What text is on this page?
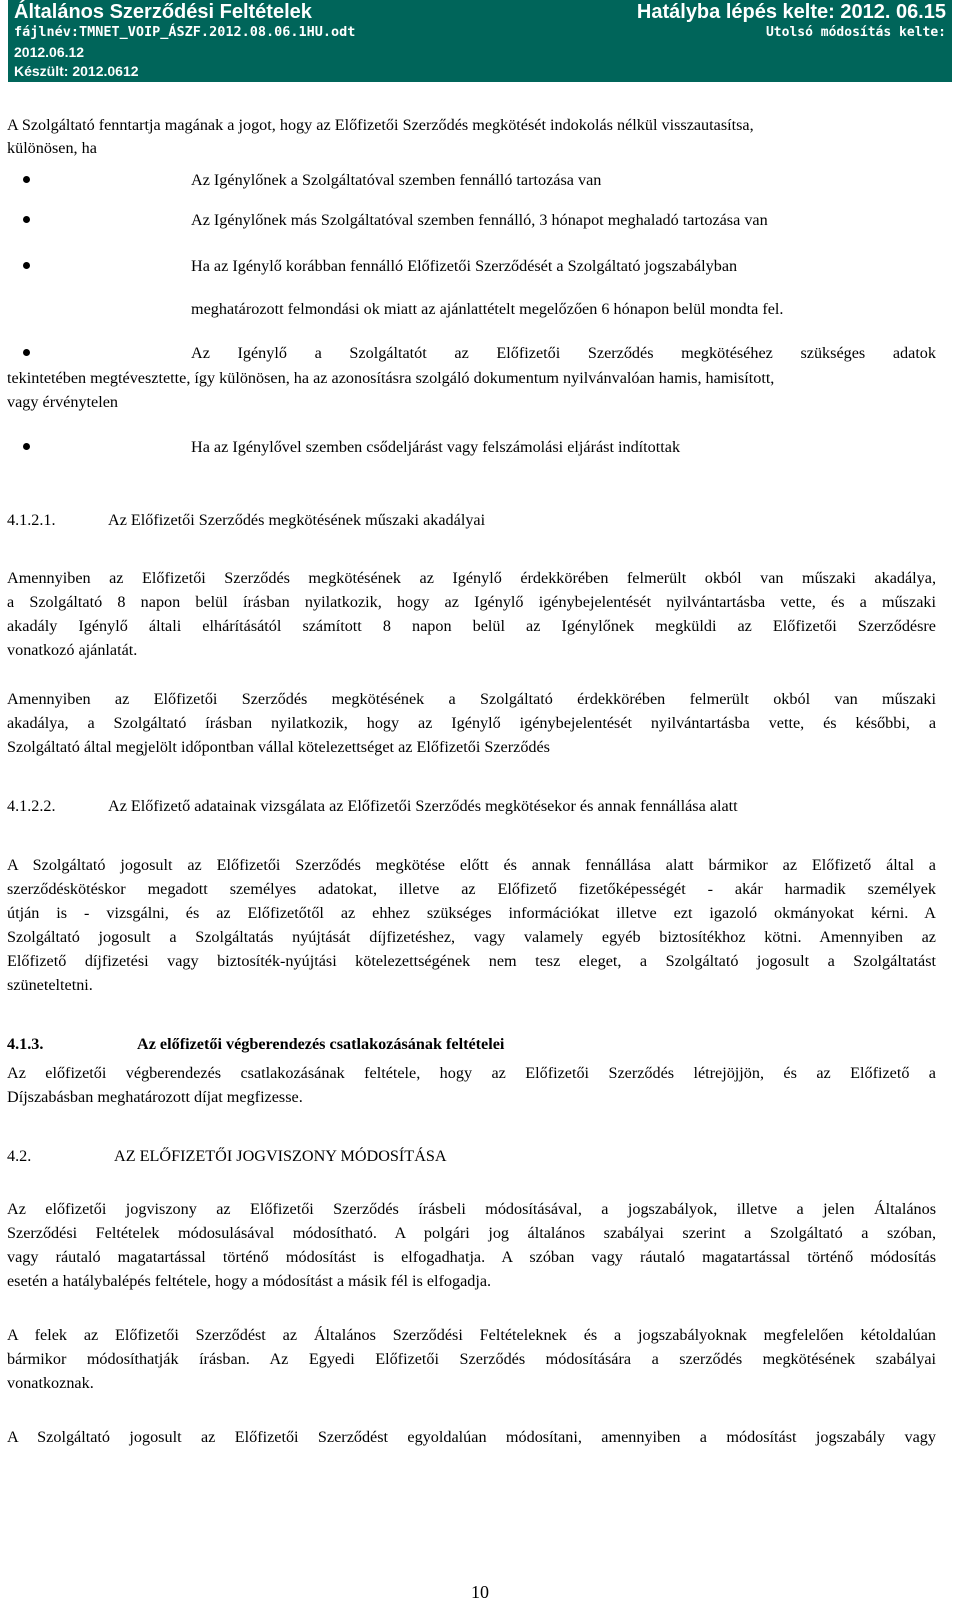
Általános Szerződési Feltételek	Hatályba lépés kelte: 2012. 06.15
fájlnév:TMNET_VOIP_ÁSZF.2012.08.06.1HU.odt	Utolsó módosítás kelte:
2012.06.12
Készült: 2012.0612
A Szolgáltató fenntartja magának a jogot, hogy az Előfizetői Szerződés megkötését indokolás nélkül visszautasítsa,
különösen, ha
Az Igénylőnek a Szolgáltatóval szemben fennálló tartozása van
Az Igénylőnek más Szolgáltatóval szemben fennálló, 3 hónapot meghaladó tartozása van
Ha az Igénylő korábban fennálló Előfizetői Szerződését a Szolgáltató jogszabályban
meghatározott felmondási ok miatt az ajánlattételt megelőzően 6 hónapon belül mondta fel.
Az Igénylő a Szolgáltatót az Előfizetői Szerződés megkötéséhez szükséges adatok
tekintetében megtévesztette, így különösen, ha az azonosításra szolgáló dokumentum nyilvánvalóan hamis, hamisított,
vagy érvénytelen
Ha az Igénylővel szemben csődeljárást vagy felszámolási eljárást indítottak
4.1.2.1.	Az Előfizetői Szerződés megkötésének műszaki akadályai
Amennyiben az Előfizetői Szerződés megkötésének az Igénylő érdekkörében felmerült okból van műszaki akadálya,
a Szolgáltató 8 napon belül írásban nyilatkozik, hogy az Igénylő igénybejelentését nyilvántartásba vette, és a műszaki
akadály Igénylő általi elhárításától számított 8 napon belül az Igénylőnek megküldi az Előfizetői Szerződésre
vonatkozó ajánlatát.
Amennyiben az Előfizetői Szerződés megkötésének a Szolgáltató érdekkörében felmerült okból van műszaki
akadálya, a Szolgáltató írásban nyilatkozik, hogy az Igénylő igénybejelentését nyilvántartásba vette, és későbbi, a
Szolgáltató által megjelölt időpontban vállal kötelezettséget az Előfizetői Szerződés
4.1.2.2.	Az Előfizető adatainak vizsgálata az Előfizetői Szerződés megkötésekor és annak fennállása alatt
A Szolgáltató jogosult az Előfizetői Szerződés megkötése előtt és annak fennállása alatt bármikor az Előfizető által a
szerződéskötéskor megadott személyes adatokat, illetve az Előfizető fizetőképességét - akár harmadik személyek
útján is - vizsgálni, és az Előfizetőtől az ehhez szükséges információkat illetve ezt igazoló okmányokat kérni. A
Szolgáltató jogosult a Szolgáltatás nyújtását díjfizetéshez, vagy valamely egyéb biztosítékhoz kötni. Amennyiben az
Előfizető díjfizetési vagy biztosíték-nyújtási kötelezettségének nem tesz eleget, a Szolgáltató jogosult a Szolgáltatást
szüneteltetni.
4.1.3.	Az előfizetői végberendezés csatlakozásának feltételei
Az előfizetői végberendezés csatlakozásának feltétele, hogy az Előfizetői Szerződés létrejöjjön, és az Előfizető a
Díjszabásban meghatározott díjat megfizesse.
4.2.	AZ ELŐFIZETŐI JOGVISZONY MÓDOSÍTÁSA
Az előfizetői jogviszony az Előfizetői Szerződés írásbeli módosításával, a jogszabályok, illetve a jelen Általános
Szerződési Feltételek módosulásával módosítható. A polgári jog általános szabályai szerint a Szolgáltató a szóban,
vagy ráutaló magatartással történő módosítást is elfogadhatja. A szóban vagy ráutaló magatartással történő módosítás
esetén a hatálybalépés feltétele, hogy a módosítást a másik fél is elfogadja.
A felek az Előfizetői Szerződést az Általános Szerződési Feltételeknek és a jogszabályoknak megfelelően kétoldalúan
bármikor módosíthatják írásban. Az Egyedi Előfizetői Szerződés módosítására a szerződés megkötésének szabályai
vonatkoznak.
A Szolgáltató jogosult az Előfizetői Szerződést egyoldalúan módosítani, amennyiben a módosítást jogszabály vagy
10
